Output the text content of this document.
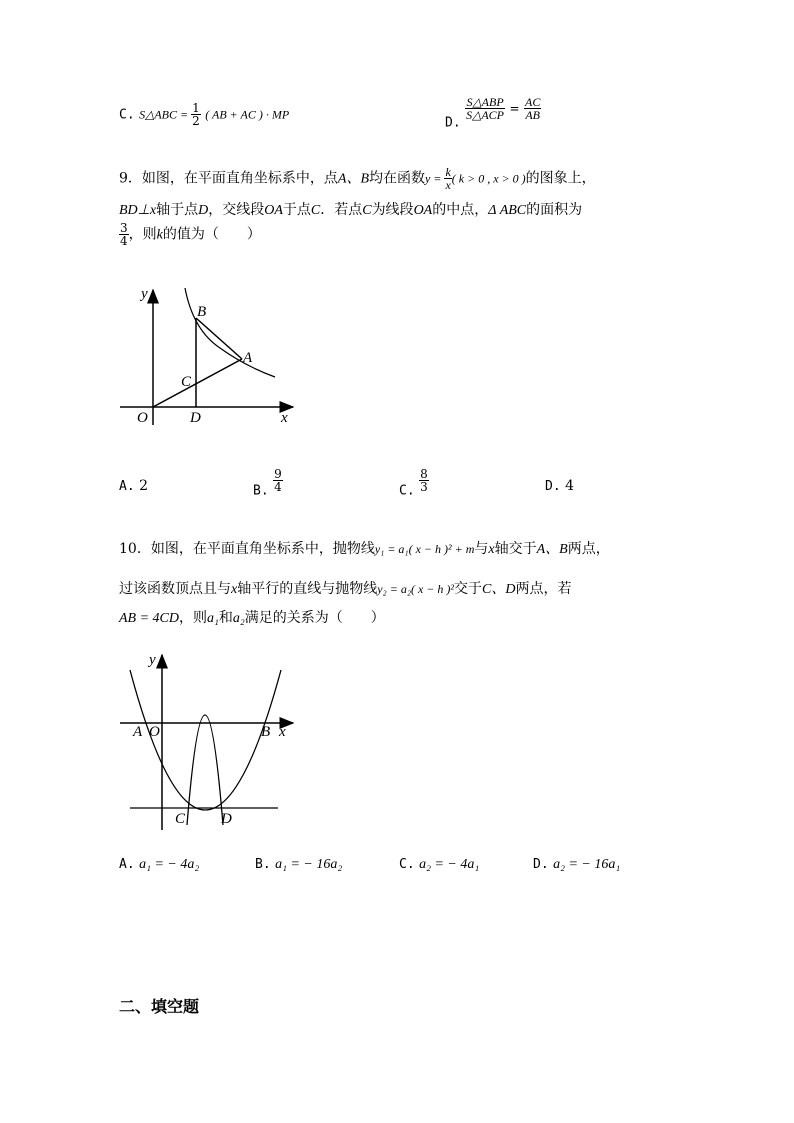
C. S△ABC = $\frac{1}{2}$ ( AB + AC ) · MP
D.
$\frac{\text{S△ABP}}{\text{S△ACP}} = \frac{AC}{AB}$
9．如图，在平面直角坐标系中，点A、B均在函数$y = \frac{k}{x}$ ( k > 0 , x > 0 )的图象上，
BD⊥x轴于点D，交线段OA于点C．若点C为线段OA的中点，Δ ABC的面积为
$\frac{3}{4}$ ，则k的值为（　　）
y
x
O	D
B
A
C
A. 2	B. $\frac{9}{4}$	C. $\frac{8}{3}$	D. 4
10．如图，在平面直角坐标系中，抛物线y₁ = a₁( x − h )² + m与x轴交于A、B两点，
过该函数顶点且与x轴平行的直线与抛物线y₂ = a₂( x − h )²交于C、D两点，若
AB = 4CD，则a₁和a₂满足的关系为（　　）
y
x
A O	B
C D
A. a₁ = − 4a₂	B. a₁ = − 16a₂	C. a₂ = − 4a₁	D. a₂ = − 16a₁
二、填空题
